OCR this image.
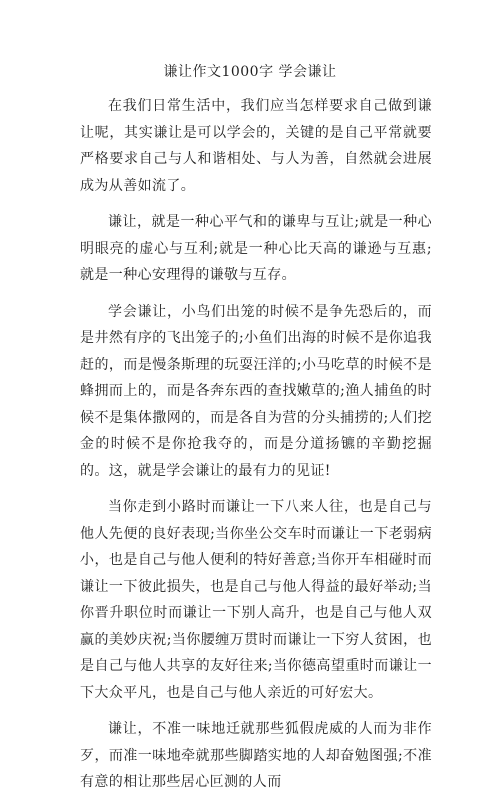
谦让作文1000字 学会谦让

在我们日常生活中，我们应当怎样要求自己做到谦让呢，其实谦让是可以学会的，关键的是自己平常就要严格要求自己与人和谐相处、与人为善，自然就会进展成为从善如流了。

谦让，就是一种心平气和的谦卑与互让;就是一种心明眼亮的虚心与互利;就是一种心比天高的谦逊与互惠;就是一种心安理得的谦敬与互存。

学会谦让，小鸟们出笼的时候不是争先恐后的，而是井然有序的飞出笼子的;小鱼们出海的时候不是你追我赶的，而是慢条斯理的玩耍汪洋的;小马吃草的时候不是蜂拥而上的，而是各奔东西的查找嫩草的;渔人捕鱼的时候不是集体撒网的，而是各自为营的分头捕捞的;人们挖金的时候不是你抢我夺的，而是分道扬镳的辛勤挖掘的。这，就是学会谦让的最有力的见证!

当你走到小路时而谦让一下八来人往，也是自己与他人先便的良好表现;当你坐公交车时而谦让一下老弱病小，也是自己与他人便利的特好善意;当你开车相碰时而谦让一下彼此损失，也是自己与他人得益的最好举动;当你晋升职位时而谦让一下别人高升，也是自己与他人双赢的美妙庆祝;当你腰缠万贯时而谦让一下穷人贫困，也是自己与他人共享的友好往来;当你德高望重时而谦让一下大众平凡，也是自己与他人亲近的可好宏大。

谦让，不准一味地迁就那些狐假虎威的人而为非作歹，而准一味地牵就那些脚踏实地的人却奋勉图强;不准有意的相让那些居心叵测的人而
